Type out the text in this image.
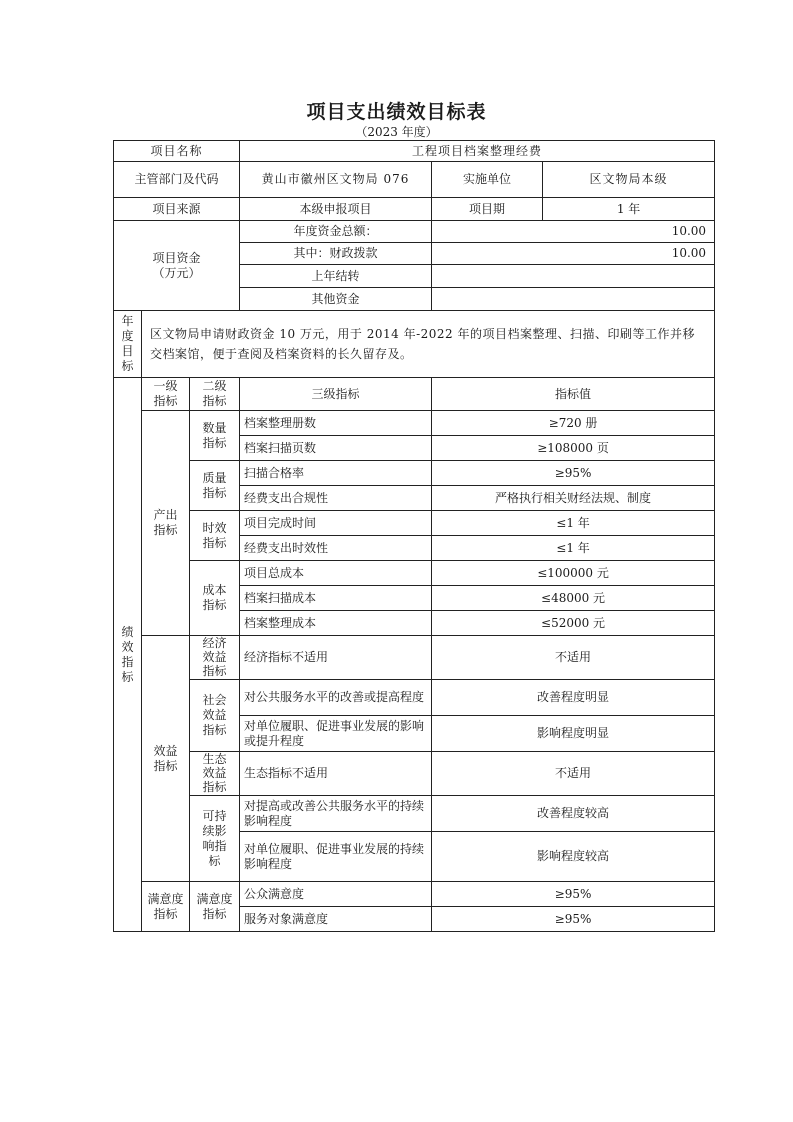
项目支出绩效目标表
（2023 年度）
项目名称			工程项目档案整理经费		
主管部门及代码			黄山市徽州区文物局 076	实施单位	区文物局本级
项目来源			本级申报项目	项目期	1 年
项目资金（万元）			年度资金总额：	10.00	
			其中：财政拨款	10.00	
			上年结转		
			其他资金		

年度目标	区文物局申请财政资金 10 万元，用于 2014 年-2022 年的项目档案整理、扫描、印刷等工作并移交档案馆，便于查阅及档案资料的长久留存及。				

绩效指标	一级指标	二级指标	三级指标	指标值	
	产出指标	数量指标	档案整理册数	≥720 册	
			档案扫描页数	≥108000 页	
		质量指标	扫描合格率	≥95%	
			经费支出合规性	严格执行相关财经法规、制度	
		时效指标	项目完成时间	≤1 年	
			经费支出时效性	≤1 年	
		成本指标	项目总成本	≤100000 元	
			档案扫描成本	≤48000 元	
			档案整理成本	≤52000 元	
	效益指标	经济效益指标	经济指标不适用	不适用	
		社会效益指标	对公共服务水平的改善或提高程度	改善程度明显	
			对单位履职、促进事业发展的影响或提升程度	影响程度明显	
		生态效益指标	生态指标不适用	不适用	
		可持续影响指标	对提高或改善公共服务水平的持续影响程度	改善程度较高	
			对单位履职、促进事业发展的持续影响程度	影响程度较高	
	满意度指标	满意度指标	公众满意度	≥95%	
			服务对象满意度	≥95%	
